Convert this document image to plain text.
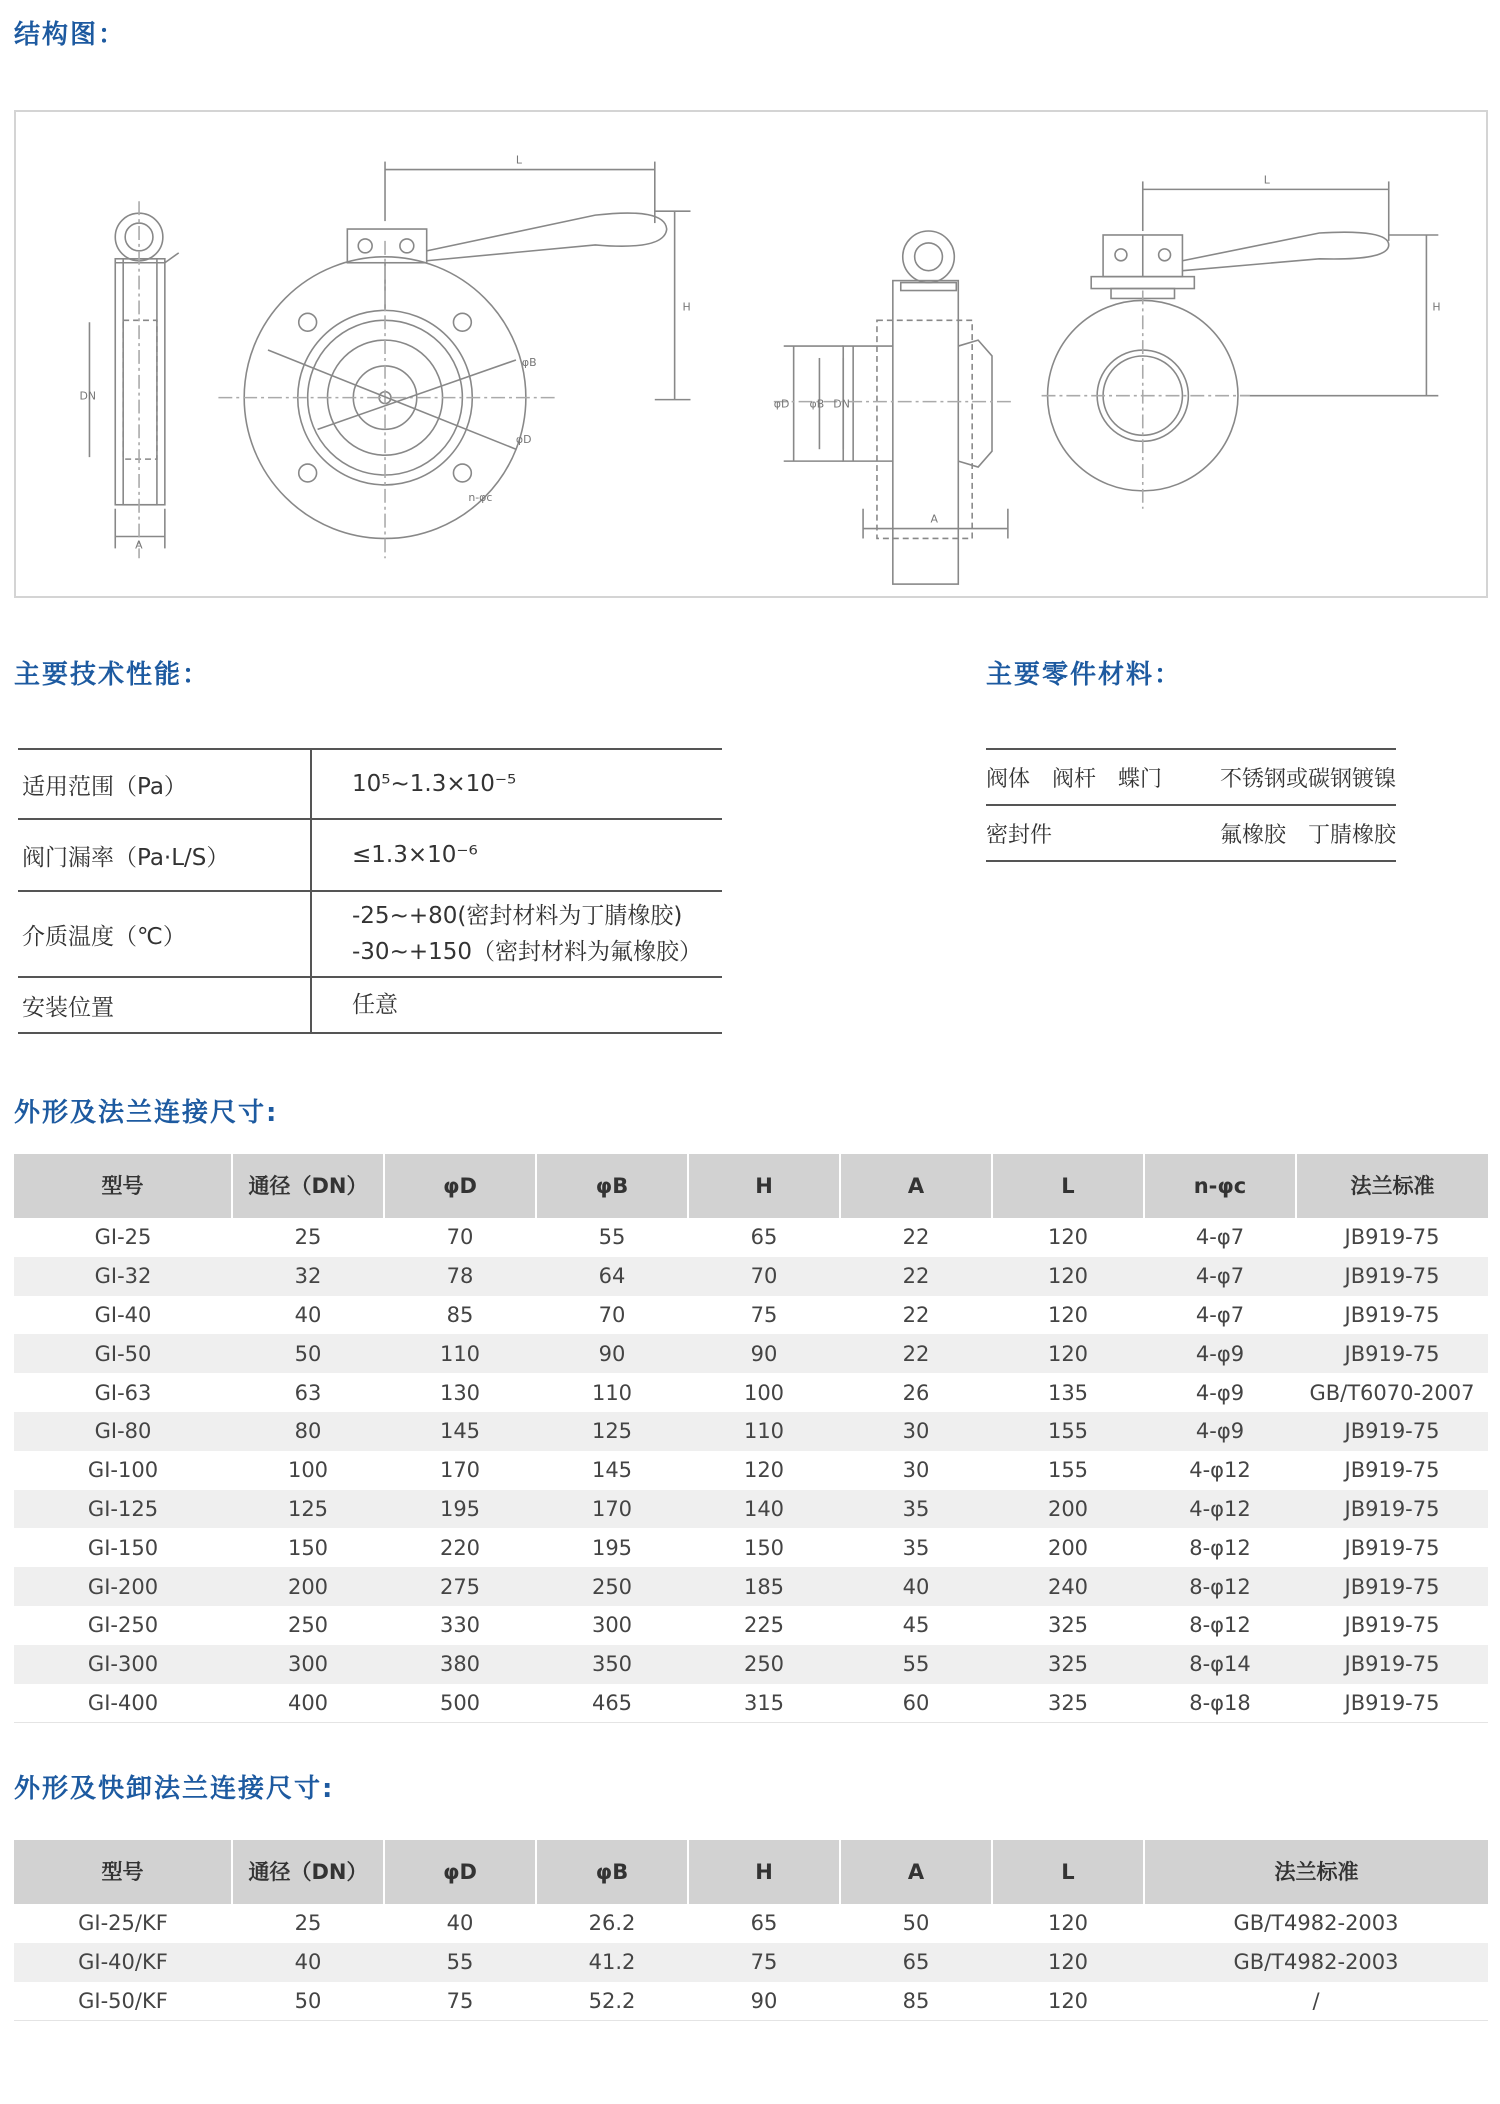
结构图：
L
H
A
DN
φB
φD
n-φc
φD φB DN
A
L
H
主要技术性能：	主要零件材料：
适用范围（Pa）	10⁵~1.3×10⁻⁵
阀门漏率（Pa·L/S）	≤1.3×10⁻⁶
介质温度（℃）	-25~+80(密封材料为丁腈橡胶)
-30~+150（密封材料为氟橡胶）

安装位置	任意
阀体　阀杆　蝶门	不锈钢或碳钢镀镍
密封件	氟橡胶　丁腈橡胶
外形及法兰连接尺寸:
型号	通径（DN）	φD	φB	H	A	L	n-φc	法兰标准
GI-25	25	70	55	65	22	120	4-φ7	JB919-75
GI-32	32	78	64	70	22	120	4-φ7	JB919-75
GI-40	40	85	70	75	22	120	4-φ7	JB919-75
GI-50	50	110	90	90	22	120	4-φ9	JB919-75
GI-63	63	130	110	100	26	135	4-φ9	GB/T6070-2007
GI-80	80	145	125	110	30	155	4-φ9	JB919-75
GI-100	100	170	145	120	30	155	4-φ12	JB919-75
GI-125	125	195	170	140	35	200	4-φ12	JB919-75
GI-150	150	220	195	150	35	200	8-φ12	JB919-75
GI-200	200	275	250	185	40	240	8-φ12	JB919-75
GI-250	250	330	300	225	45	325	8-φ12	JB919-75
GI-300	300	380	350	250	55	325	8-φ14	JB919-75
GI-400	400	500	465	315	60	325	8-φ18	JB919-75
外形及快卸法兰连接尺寸:
型号	通径（DN）	φD	φB	H	A	L	法兰标准
GI-25/KF	25	40	26.2	65	50	120	GB/T4982-2003
GI-40/KF	40	55	41.2	75	65	120	GB/T4982-2003
GI-50/KF	50	75	52.2	90	85	120	/
